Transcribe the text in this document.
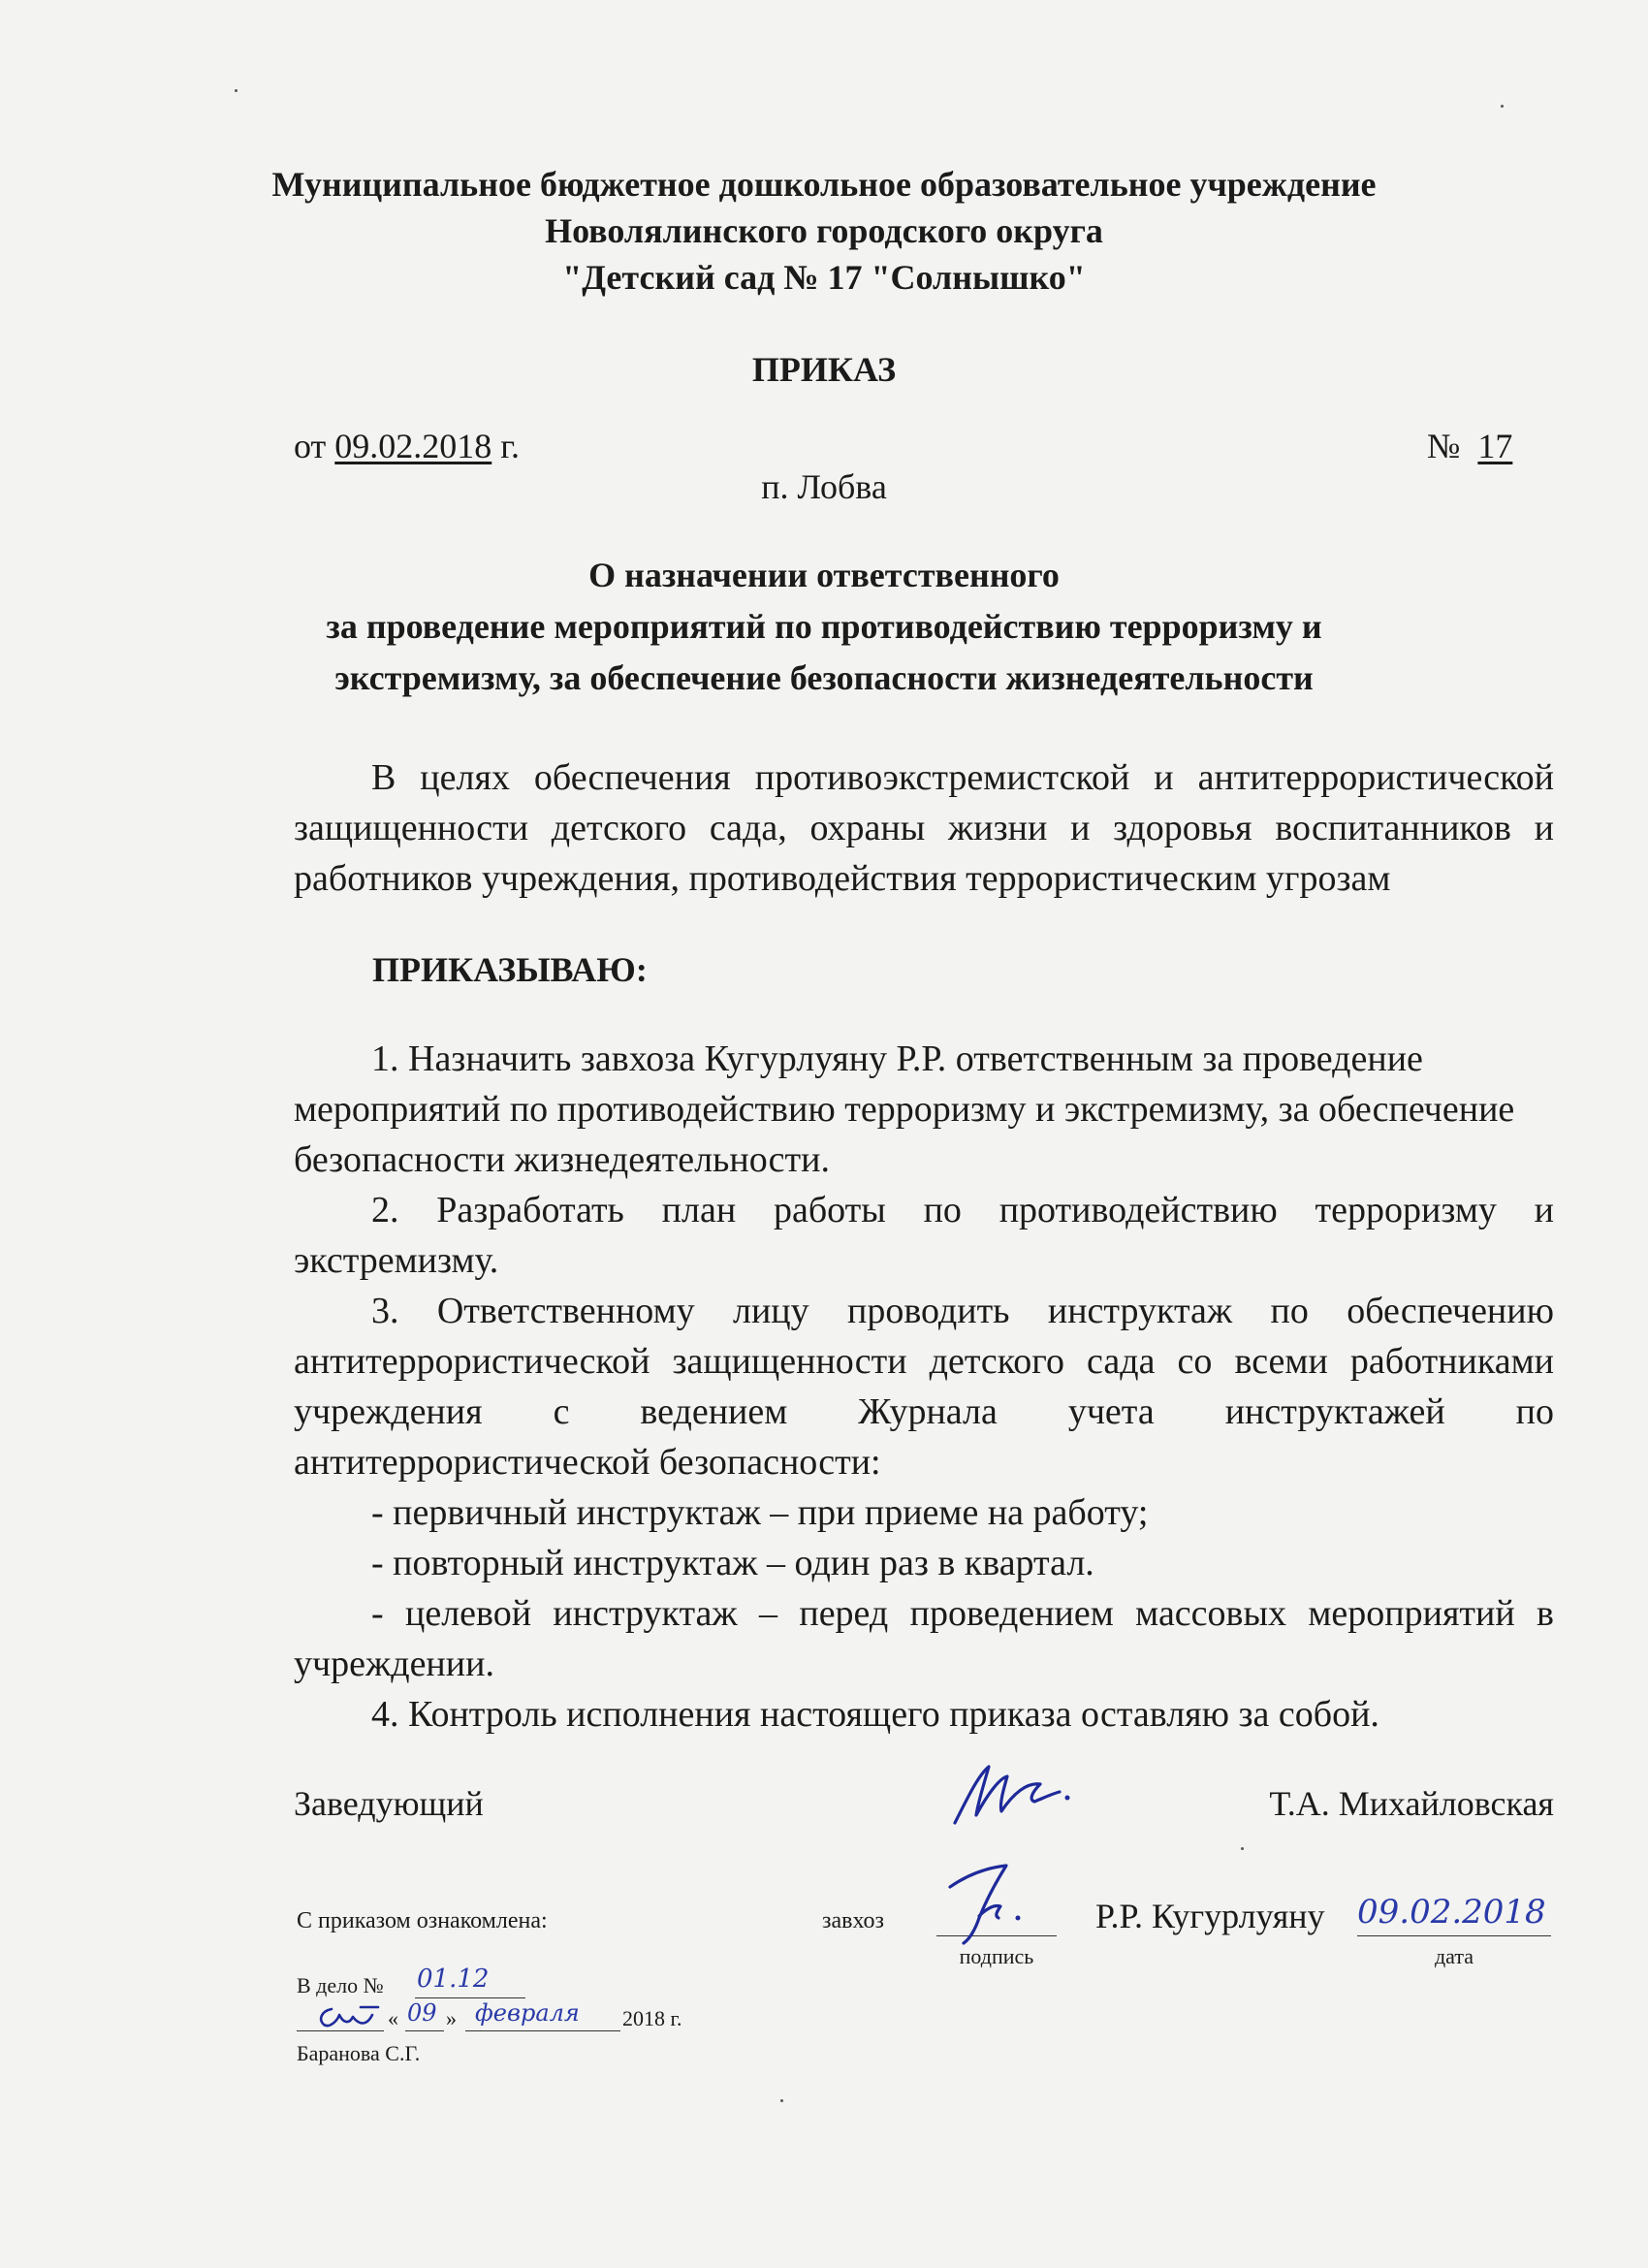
Муниципальное бюджетное дошкольное образовательное учреждение
Новолялинского городского округа
"Детский сад № 17 "Солнышко"
ПРИКАЗ
от 09.02.2018 г.	№ 17
п. Лобва
О назначении ответственного
за проведение мероприятий по противодействию терроризму и
экстремизму, за обеспечение безопасности жизнедеятельности
В целях обеспечения противоэкстремистской и антитеррористической
защищенности детского сада, охраны жизни и здоровья воспитанников и
работников учреждения, противодействия террористическим угрозам
ПРИКАЗЫВАЮ:
1. Назначить завхоза Кугурлуяну Р.Р. ответственным за проведение
мероприятий по противодействию терроризму и экстремизму, за обеспечение
безопасности жизнедеятельности.
2. Разработать план работы по противодействию терроризму и
экстремизму.
3. Ответственному лицу проводить инструктаж по обеспечению
антитеррористической защищенности детского сада со всеми работниками
учреждения с ведением Журнала учета инструктажей по
антитеррористической безопасности:
- первичный инструктаж – при приеме на работу;
- повторный инструктаж – один раз в квартал.
- целевой инструктаж – перед проведением массовых мероприятий в
учреждении.
4. Контроль исполнения настоящего приказа оставляю за собой.
Заведующий	Т.А. Михайловская
С приказом ознакомлена:	завхоз
подпись
Р.Р. Кугурлуяну 09.02.2018
дата
В дело № 01.12
« 09 » февраля 2018 г.
Баранова С.Г.
